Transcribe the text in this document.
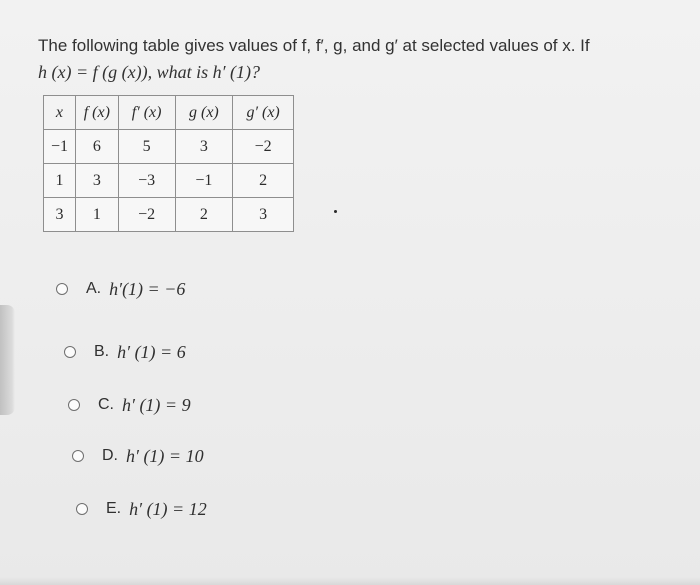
The following table gives values of f, f′, g, and g′ at selected values of x. If
h (x) = f (g (x)), what is h′ (1)?
x	f (x)	f′ (x)	g (x)	g′ (x)
−1	6	5	3	−2
1	3	−3	−1	2
3	1	−2	2	3
A. h′(1) = −6
B. h′ (1) = 6
C. h′ (1) = 9
D. h′ (1) = 10
E. h′ (1) = 12
